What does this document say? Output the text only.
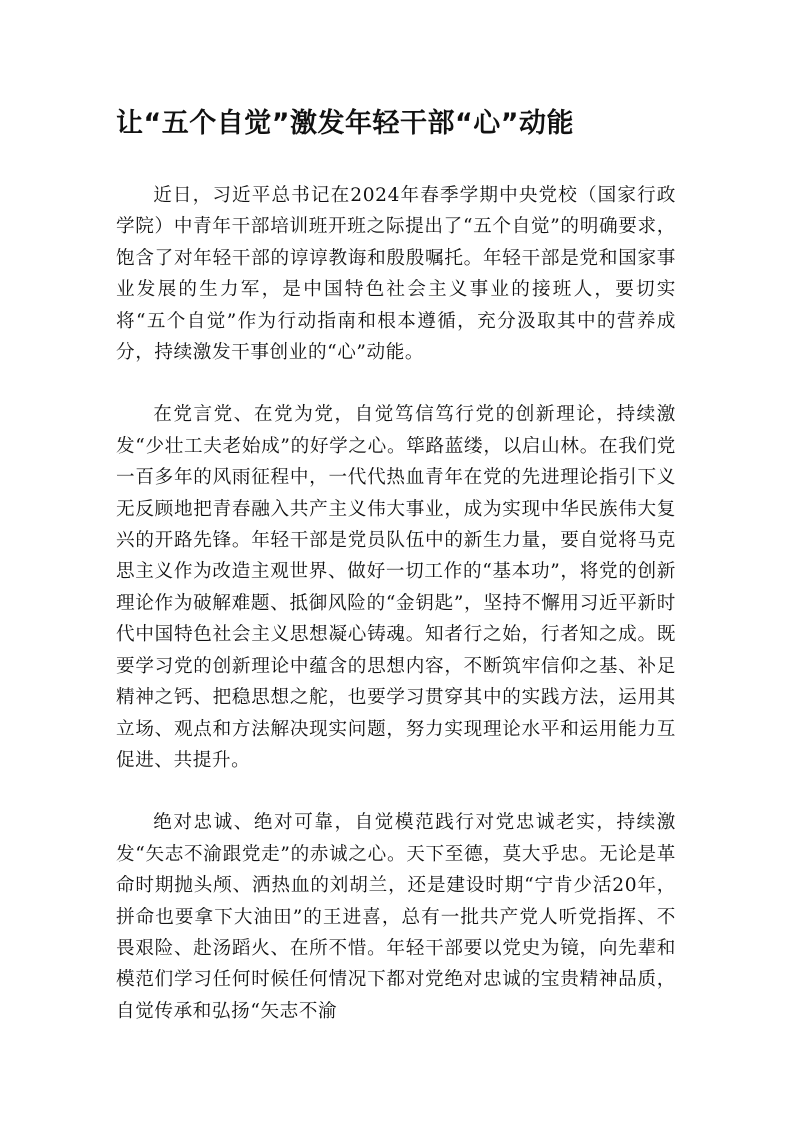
让“五个自觉”激发年轻干部“心”动能

近日，习近平总书记在2024年春季学期中央党校（国家行政学院）中青年干部培训班开班之际提出了“五个自觉”的明确要求，饱含了对年轻干部的谆谆教诲和殷殷嘱托。年轻干部是党和国家事业发展的生力军，是中国特色社会主义事业的接班人，要切实将“五个自觉”作为行动指南和根本遵循，充分汲取其中的营养成分，持续激发干事创业的“心”动能。

在党言党、在党为党，自觉笃信笃行党的创新理论，持续激发“少壮工夫老始成”的好学之心。筚路蓝缕，以启山林。在我们党一百多年的风雨征程中，一代代热血青年在党的先进理论指引下义无反顾地把青春融入共产主义伟大事业，成为实现中华民族伟大复兴的开路先锋。年轻干部是党员队伍中的新生力量，要自觉将马克思主义作为改造主观世界、做好一切工作的“基本功”，将党的创新理论作为破解难题、抵御风险的“金钥匙”，坚持不懈用习近平新时代中国特色社会主义思想凝心铸魂。知者行之始，行者知之成。既要学习党的创新理论中蕴含的思想内容，不断筑牢信仰之基、补足精神之钙、把稳思想之舵，也要学习贯穿其中的实践方法，运用其立场、观点和方法解决现实问题，努力实现理论水平和运用能力互促进、共提升。

绝对忠诚、绝对可靠，自觉模范践行对党忠诚老实，持续激发“矢志不渝跟党走”的赤诚之心。天下至德，莫大乎忠。无论是革命时期抛头颅、洒热血的刘胡兰，还是建设时期“宁肯少活20年，拼命也要拿下大油田”的王进喜，总有一批共产党人听党指挥、不畏艰险、赴汤蹈火、在所不惜。年轻干部要以党史为镜，向先辈和模范们学习任何时候任何情况下都对党绝对忠诚的宝贵精神品质，自觉传承和弘扬“矢志不渝
